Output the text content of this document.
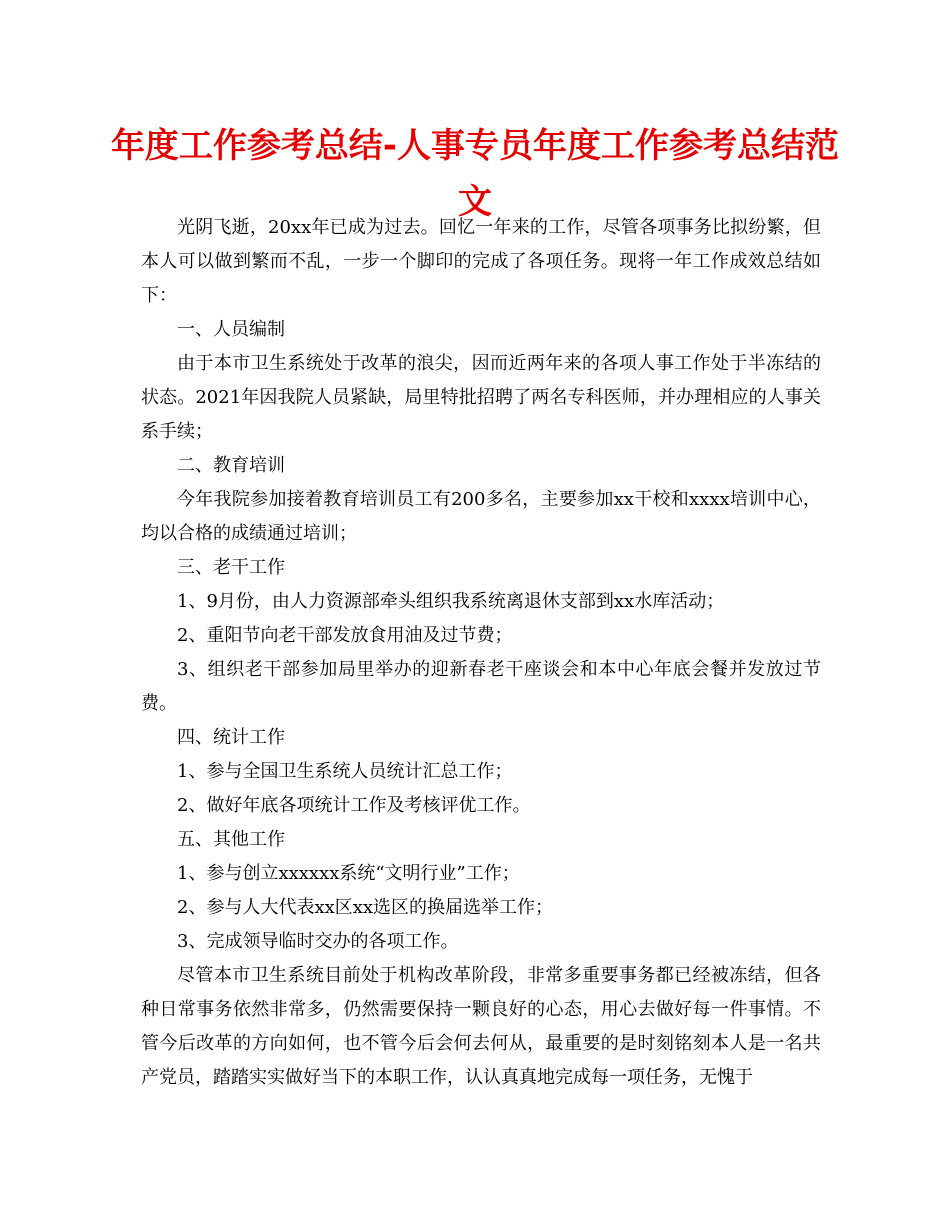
年度工作参考总结-人事专员年度工作参考总结范文

光阴飞逝，20xx年已成为过去。回忆一年来的工作，尽管各项事务比拟纷繁，但本人可以做到繁而不乱，一步一个脚印的完成了各项任务。现将一年工作成效总结如下：

一、人员编制

由于本市卫生系统处于改革的浪尖，因而近两年来的各项人事工作处于半冻结的状态。2021年因我院人员紧缺，局里特批招聘了两名专科医师，并办理相应的人事关系手续；

二、教育培训

今年我院参加接着教育培训员工有200多名，主要参加xx干校和xxxx培训中心，均以合格的成绩通过培训；

三、老干工作

1、9月份，由人力资源部牵头组织我系统离退休支部到xx水库活动；

2、重阳节向老干部发放食用油及过节费；

3、组织老干部参加局里举办的迎新春老干座谈会和本中心年底会餐并发放过节费。

四、统计工作

1、参与全国卫生系统人员统计汇总工作；

2、做好年底各项统计工作及考核评优工作。

五、其他工作

1、参与创立xxxxxx系统“文明行业”工作；

2、参与人大代表xx区xx选区的换届选举工作；

3、完成领导临时交办的各项工作。

尽管本市卫生系统目前处于机构改革阶段，非常多重要事务都已经被冻结，但各种日常事务依然非常多，仍然需要保持一颗良好的心态，用心去做好每一件事情。不管今后改革的方向如何，也不管今后会何去何从，最重要的是时刻铭刻本人是一名共产党员，踏踏实实做好当下的本职工作，认认真真地完成每一项任务，无愧于
